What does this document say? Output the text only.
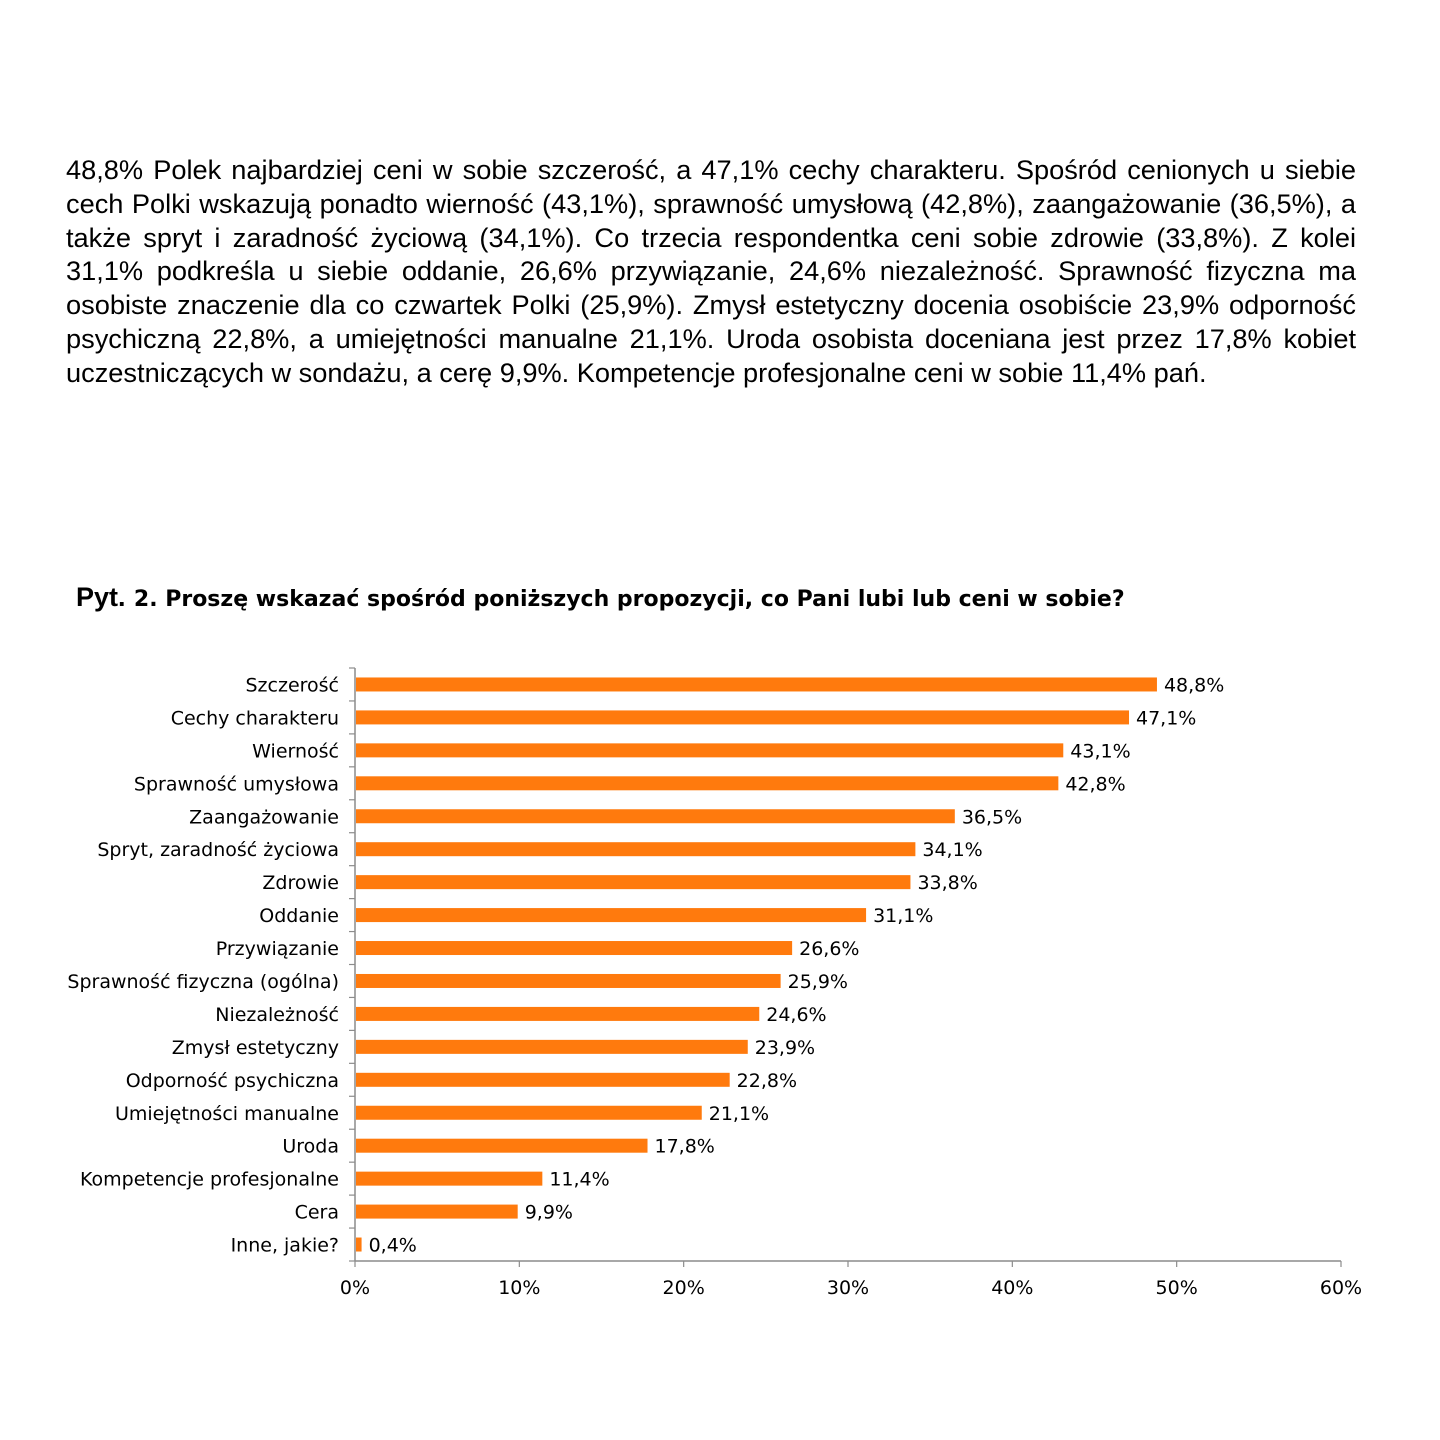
48,8% Polek najbardziej ceni w sobie szczerość, a 47,1% cechy charakteru. Spośród cenionych u siebie cech Polki wskazują ponadto wierność (43,1%), sprawność umysłową (42,8%), zaangażowanie (36,5%), a także spryt i zaradność życiową (34,1%). Co trzecia respondentka ceni sobie zdrowie (33,8%). Z kolei 31,1% podkreśla u siebie oddanie, 26,6% przywiązanie, 24,6% niezależność. Sprawność fizyczna ma osobiste znaczenie dla co czwartek Polki (25,9%). Zmysł estetyczny docenia osobiście 23,9% odporność psychiczną 22,8%, a umiejętności manualne 21,1%. Uroda osobista doceniana jest przez 17,8% kobiet uczestniczących w sondażu, a cerę 9,9%. Kompetencje profesjonalne ceni w sobie 11,4% pań.

Pyt. 2. Proszę wskazać spośród poniższych propozycji, co Pani lubi lub ceni w sobie?
0%	10%	20%	30%	40%	50%	60%
Szczerość	48,8%
Cechy charakteru	47,1%
Wierność	43,1%
Sprawność umysłowa	42,8%
Zaangażowanie	36,5%
Spryt, zaradność życiowa	34,1%
Zdrowie	33,8%
Oddanie	31,1%
Przywiązanie	26,6%
Sprawność fizyczna (ogólna)	25,9%
Niezależność	24,6%
Zmysł estetyczny	23,9%
Odporność psychiczna	22,8%
Umiejętności manualne	21,1%
Uroda	17,8%
Kompetencje profesjonalne	11,4%
Cera	9,9%
Inne, jakie? 0,4%
